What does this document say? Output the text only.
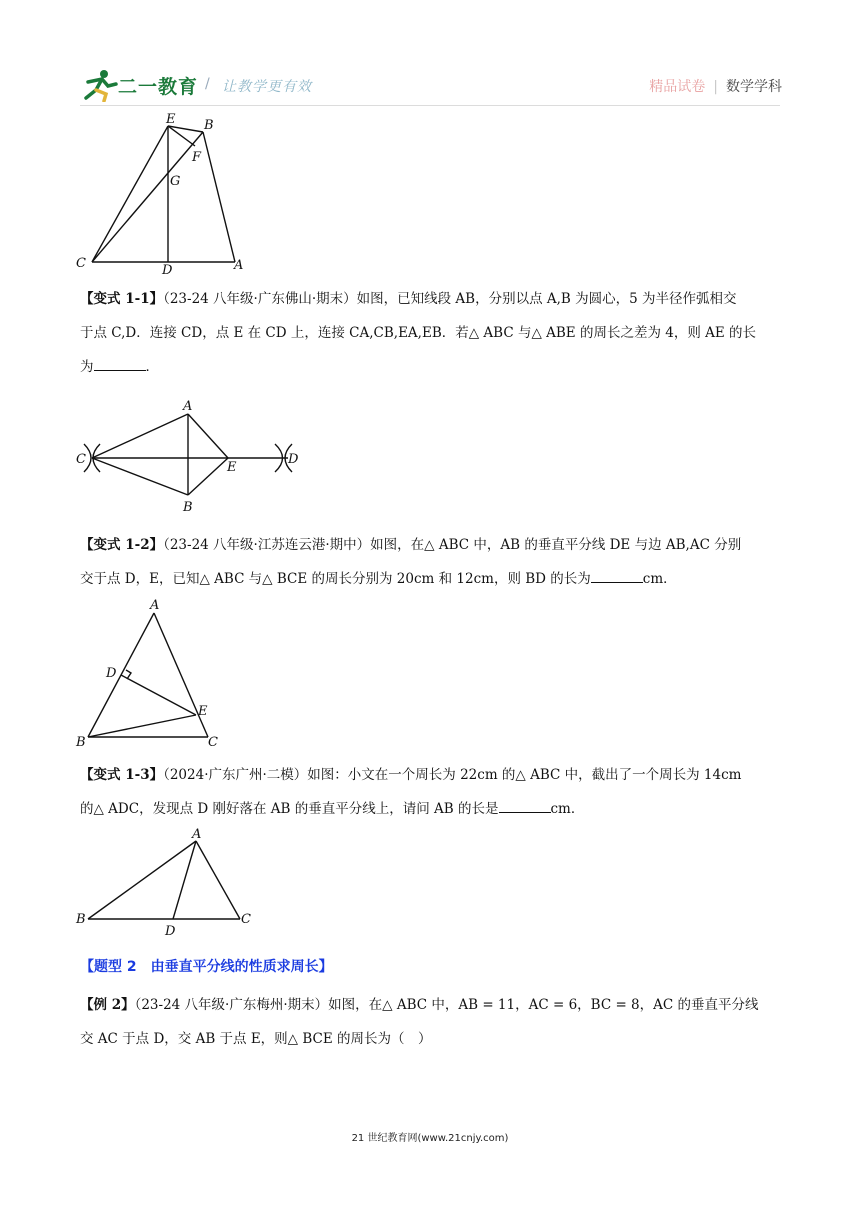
二一教育 / 让教学更有效	精品试卷 | 数学学科
E B
F
G
C	D	A
【变式 1-1】（23-24 八年级·广东佛山·期末）如图，已知线段 AB，分别以点 A,B 为圆心，5 为半径作弧相交
于点 C,D．连接 CD，点 E 在 CD 上，连接 CA,CB,EA,EB．若△ ABC 与△ ABE 的周长之差为 4，则 AE 的长
为	．
A
C
E
D
B
【变式 1-2】（23-24 八年级·江苏连云港·期中）如图，在△ ABC 中，AB 的垂直平分线 DE 与边 AB,AC 分别
交于点 D，E，已知△ ABC 与△ BCE 的周长分别为 20cm 和 12cm，则 BD 的长为	cm．
A
D
E
B	C
【变式 1-3】（2024·广东广州·二模）如图：小文在一个周长为 22cm 的△ ABC 中，截出了一个周长为 14cm
的△ ADC，发现点 D 刚好落在 AB 的垂直平分线上，请问 AB 的长是	cm．
A
B
D
C
【题型 2　由垂直平分线的性质求周长】
【例 2】（23-24 八年级·广东梅州·期末）如图，在△ ABC 中，AB = 11，AC = 6，BC = 8，AC 的垂直平分线
交 AC 于点 D，交 AB 于点 E，则△ BCE 的周长为（　）
21 世纪教育网(www.21cnjy.com)
